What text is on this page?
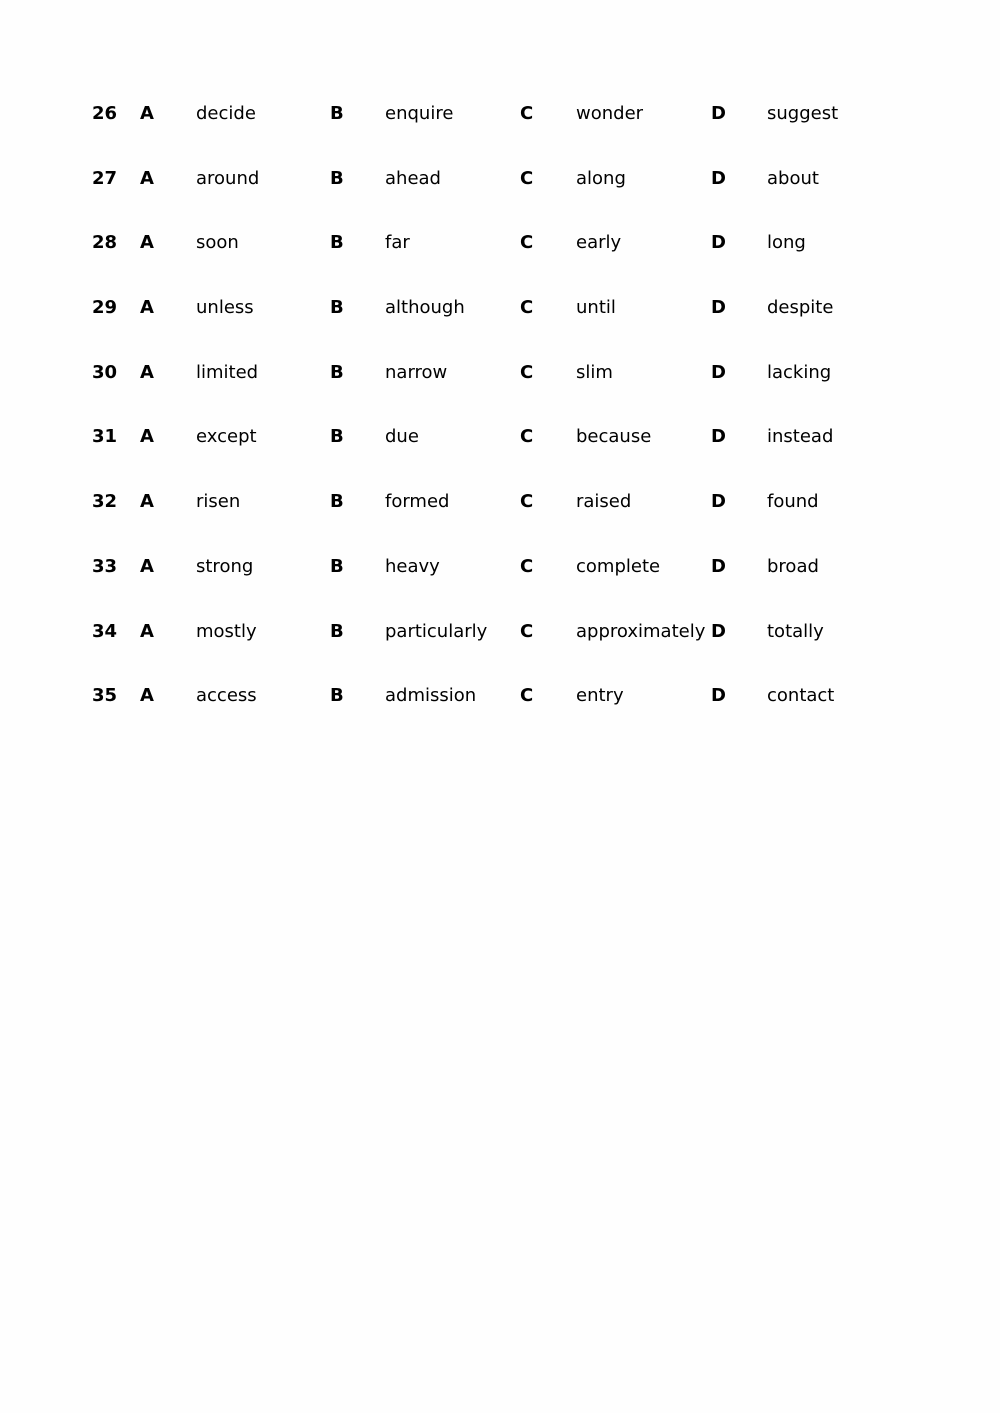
26 A decide	B enquire	C wonder	D suggest
27 A around	B ahead	C along	D about
28 A soon	B far	C early	D long
29 A unless	B although	C until	D despite
30 A limited	B narrow	C slim	D lacking
31 A except	B due	C because	D instead
32 A risen	B formed	C raised	D found
33 A strong	B heavy	C complete	D broad
34 A mostly	B particularly C approximately D totally
35 A access	B admission C entry	D contact
